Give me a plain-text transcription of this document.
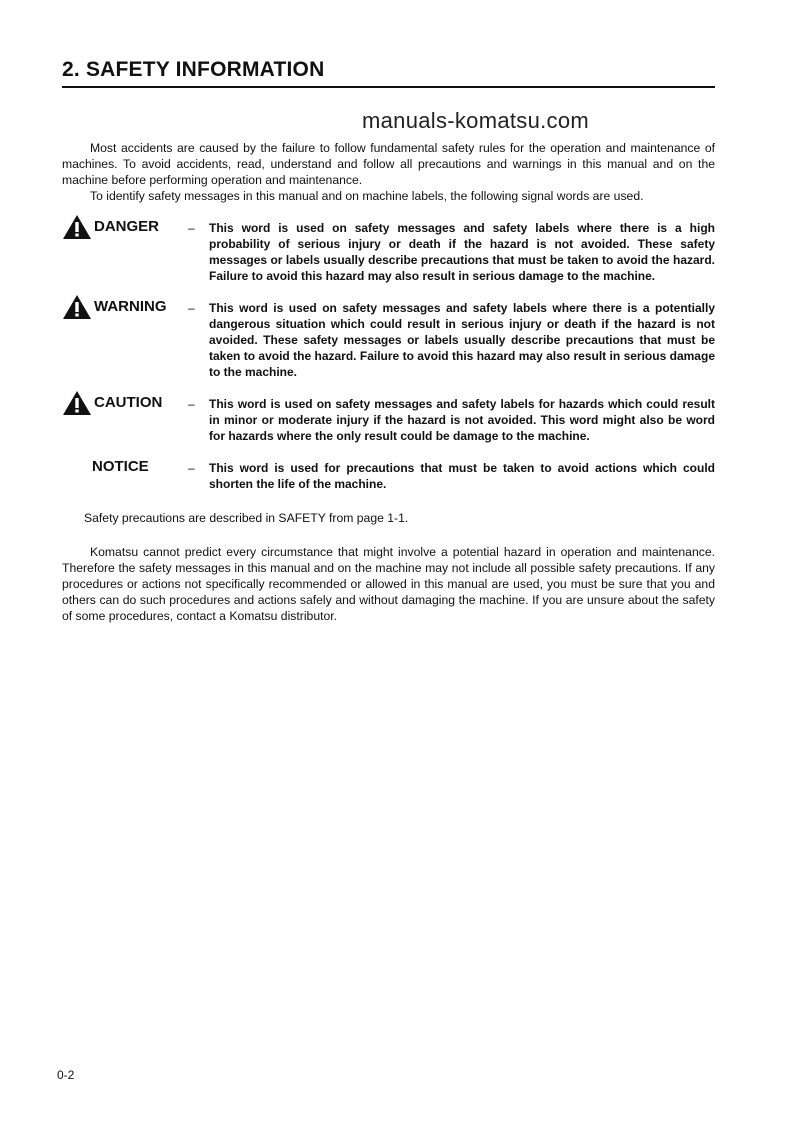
2. SAFETY INFORMATION
manuals-komatsu.com

Most accidents are caused by the failure to follow fundamental safety rules for the operation and maintenance of machines. To avoid accidents, read, understand and follow all precautions and warnings in this manual and on the machine before performing operation and maintenance.

To identify safety messages in this manual and on machine labels, the following signal words are used.

DANGER –	This word is used on safety messages and safety labels where there is a high probability of serious injury or death if the hazard is not avoided. These safety messages or labels usually describe precautions that must be taken to avoid the hazard. Failure to avoid this hazard may also result in serious damage to the machine.
WARNING –	This word is used on safety messages and safety labels where there is a potentially dangerous situation which could result in serious injury or death if the hazard is not avoided. These safety messages or labels usually describe precautions that must be taken to avoid the hazard. Failure to avoid this hazard may also result in serious damage to the machine.
CAUTION –	This word is used on safety messages and safety labels for hazards which could result in minor or moderate injury if the hazard is not avoided. This word might also be word for hazards where the only result could be damage to the machine.
NOTICE	–	This word is used for precautions that must be taken to avoid actions which could shorten the life of the machine.
Safety precautions are described in SAFETY from page 1-1.

Komatsu cannot predict every circumstance that might involve a potential hazard in operation and maintenance. Therefore the safety messages in this manual and on the machine may not include all possible safety precautions. If any procedures or actions not specifically recommended or allowed in this manual are used, you must be sure that you and others can do such procedures and actions safely and without damaging the machine. If you are unsure about the safety of some procedures, contact a Komatsu distributor.

0-2
